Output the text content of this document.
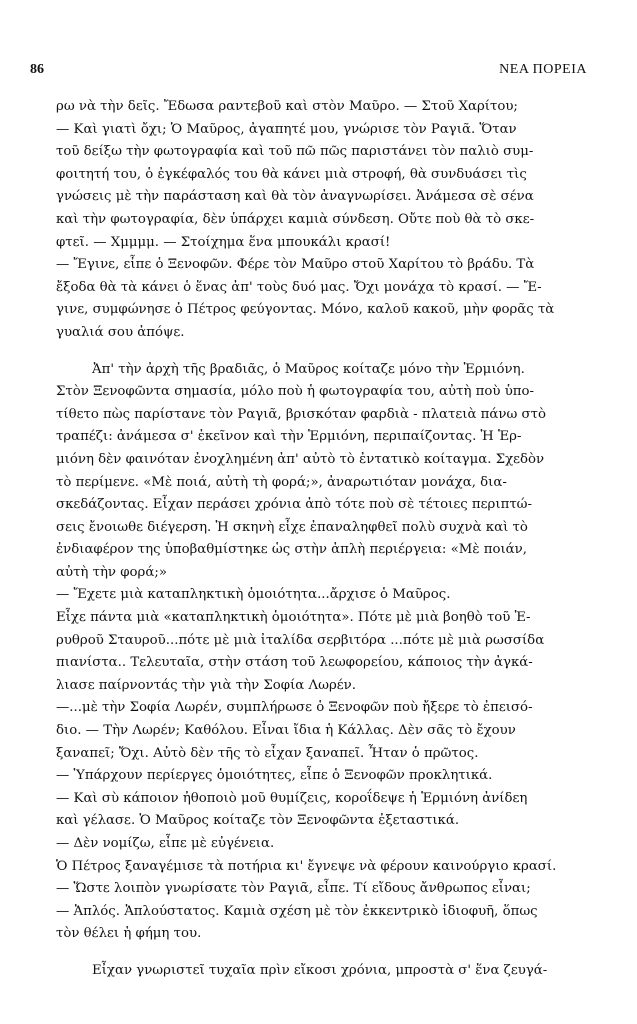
86	ΝΕΑ ΠΟΡΕΙΑ
ρω νὰ τὴν δεῖς. Ἔδωσα ραντεβοῦ καὶ στὸν Μαῦρο. — Στοῦ Χαρίτου;
— Καὶ γιατὶ ὄχι; Ὁ Μαῦρος, ἀγαπητέ μου, γνώρισε τὸν Ραγιᾶ. Ὅταν
τοῦ δείξω τὴν φωτογραφία καὶ τοῦ πῶ πῶς παριστάνει τὸν παλιὸ συμ-
φοιτητή του, ὁ ἐγκέφαλός του θὰ κάνει μιὰ στροφή, θὰ συνδυάσει τὶς
γνώσεις μὲ τὴν παράσταση καὶ θὰ τὸν ἀναγνωρίσει. Ἀνάμεσα σὲ σένα
καὶ τὴν φωτογραφία, δὲν ὑπάρχει καμιὰ σύνδεση. Οὔτε ποὺ θὰ τὸ σκε-
φτεῖ. — Χμμμμ. — Στοίχημα ἕνα μπουκάλι κρασί!
— Ἔγινε, εἶπε ὁ Ξενοφῶν. Φέρε τὸν Μαῦρο στοῦ Χαρίτου τὸ βράδυ. Τὰ
ἔξοδα θὰ τὰ κάνει ὁ ἕνας ἀπ' τοὺς δυό μας. Ὄχι μονάχα τὸ κρασί. — Ἔ-
γινε, συμφώνησε ὁ Πέτρος φεύγοντας. Μόνο, καλοῦ κακοῦ, μὴν φορᾶς τὰ
γυαλιά σου ἀπόψε.
Ἀπ' τὴν ἀρχὴ τῆς βραδιᾶς, ὁ Μαῦρος κοίταζε μόνο τὴν Ἑρμιόνη.
Στὸν Ξενοφῶντα σημασία, μόλο ποὺ ἡ φωτογραφία του, αὐτὴ ποὺ ὑπο-
τίθετο πὼς παρίστανε τὸν Ραγιᾶ, βρισκόταν φαρδιὰ - πλατειὰ πάνω στὸ
τραπέζι: ἀνάμεσα σ' ἐκεῖνον καὶ τὴν Ἑρμιόνη, περιπαίζοντας. Ἡ Ἑρ-
μιόνη δὲν φαινόταν ἐνοχλημένη ἀπ' αὐτὸ τὸ ἐντατικὸ κοίταγμα. Σχεδὸν
τὸ περίμενε. «Μὲ ποιά, αὐτὴ τὴ φορά;», ἀναρωτιόταν μονάχα, δια-
σκεδάζοντας. Εἶχαν περάσει χρόνια ἀπὸ τότε ποὺ σὲ τέτοιες περιπτώ-
σεις ἔνοιωθε διέγερση. Ἡ σκηνὴ εἶχε ἐπαναληφθεῖ πολὺ συχνὰ καὶ τὸ
ἐνδιαφέρον της ὑποβαθμίστηκε ὡς στὴν ἁπλὴ περιέργεια: «Μὲ ποιάν,
αὐτὴ τὴν φορά;»
— Ἔχετε μιὰ καταπληκτικὴ ὁμοιότητα...ἄρχισε ὁ Μαῦρος.
Εἶχε πάντα μιὰ «καταπληκτικὴ ὁμοιότητα». Πότε μὲ μιὰ βοηθὸ τοῦ Ἐ-
ρυθροῦ Σταυροῦ...πότε μὲ μιὰ ἰταλίδα σερβιτόρα ...πότε μὲ μιὰ ρωσσίδα
πιανίστα.. Τελευταῖα, στὴν στάση τοῦ λεωφορείου, κάποιος τὴν ἀγκά-
λιασε παίρνοντάς τὴν γιὰ τὴν Σοφία Λωρέν.
—...μὲ τὴν Σοφία Λωρέν, συμπλήρωσε ὁ Ξενοφῶν ποὺ ἤξερε τὸ ἐπεισό-
διο. — Τὴν Λωρέν; Καθόλου. Εἶναι ἴδια ἡ Κάλλας. Δὲν σᾶς τὸ ἔχουν
ξαναπεῖ; Ὄχι. Αὐτὸ δὲν τῆς τὸ εἶχαν ξαναπεῖ. Ἦταν ὁ πρῶτος.
— Ὑπάρχουν περίεργες ὁμοιότητες, εἶπε ὁ Ξενοφῶν προκλητικά.
— Καὶ σὺ κάποιον ἠθοποιὸ μοῦ θυμίζεις, κοροΐδεψε ἡ Ἑρμιόνη ἀνίδεη
καὶ γέλασε. Ὁ Μαῦρος κοίταζε τὸν Ξενοφῶντα ἐξεταστικά.
— Δὲν νομίζω, εἶπε μὲ εὐγένεια.
Ὁ Πέτρος ξαναγέμισε τὰ ποτήρια κι' ἔγνεψε νὰ φέρουν καινούργιο κρασί.
— Ὥστε λοιπὸν γνωρίσατε τὸν Ραγιᾶ, εἶπε. Τί εἴδους ἄνθρωπος εἶναι;
— Ἁπλός. Ἁπλούστατος. Καμιὰ σχέση μὲ τὸν ἐκκεντρικὸ ἰδιοφυῆ, ὅπως
τὸν θέλει ἡ φήμη του.
Εἶχαν γνωριστεῖ τυχαῖα πρὶν εἴκοσι χρόνια, μπροστὰ σ' ἕνα ζευγά-
